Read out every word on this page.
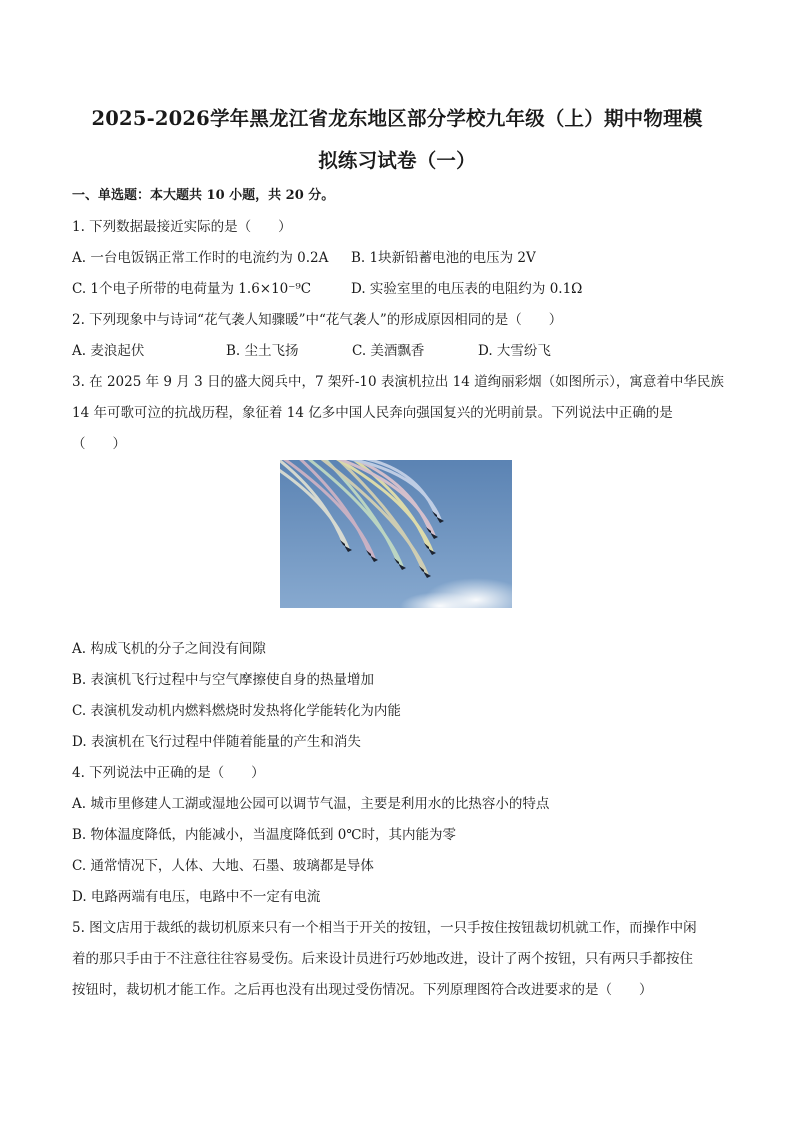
2025-2026学年黑龙江省龙东地区部分学校九年级（上）期中物理模
拟练习试卷（一）
一、单选题：本大题共 10 小题，共 20 分。
1. 下列数据最接近实际的是（　　）
A. 一台电饭锅正常工作时的电流约为 0.2A B. 1块新铅蓄电池的电压为 2V
C. 1个电子所带的电荷量为 1.6×10⁻⁹C	D. 实验室里的电压表的电阻约为 0.1Ω
2. 下列现象中与诗词“花气袭人知骤暖”中“花气袭人”的形成原因相同的是（　　）
A. 麦浪起伏	B. 尘土飞扬	C. 美酒飘香	D. 大雪纷飞
3. 在 2025 年 9 月 3 日的盛大阅兵中，7 架歼-10 表演机拉出 14 道绚丽彩烟（如图所示），寓意着中华民族
14 年可歌可泣的抗战历程，象征着 14 亿多中国人民奔向强国复兴的光明前景。下列说法中正确的是
（　　）
A. 构成飞机的分子之间没有间隙
B. 表演机飞行过程中与空气摩擦使自身的热量增加
C. 表演机发动机内燃料燃烧时发热将化学能转化为内能
D. 表演机在飞行过程中伴随着能量的产生和消失
4. 下列说法中正确的是（　　）
A. 城市里修建人工湖或湿地公园可以调节气温，主要是利用水的比热容小的特点
B. 物体温度降低，内能减小，当温度降低到 0℃时，其内能为零
C. 通常情况下，人体、大地、石墨、玻璃都是导体
D. 电路两端有电压，电路中不一定有电流
5. 图文店用于裁纸的裁切机原来只有一个相当于开关的按钮，一只手按住按钮裁切机就工作，而操作中闲
着的那只手由于不注意往往容易受伤。后来设计员进行巧妙地改进，设计了两个按钮，只有两只手都按住
按钮时，裁切机才能工作。之后再也没有出现过受伤情况。下列原理图符合改进要求的是（　　）
